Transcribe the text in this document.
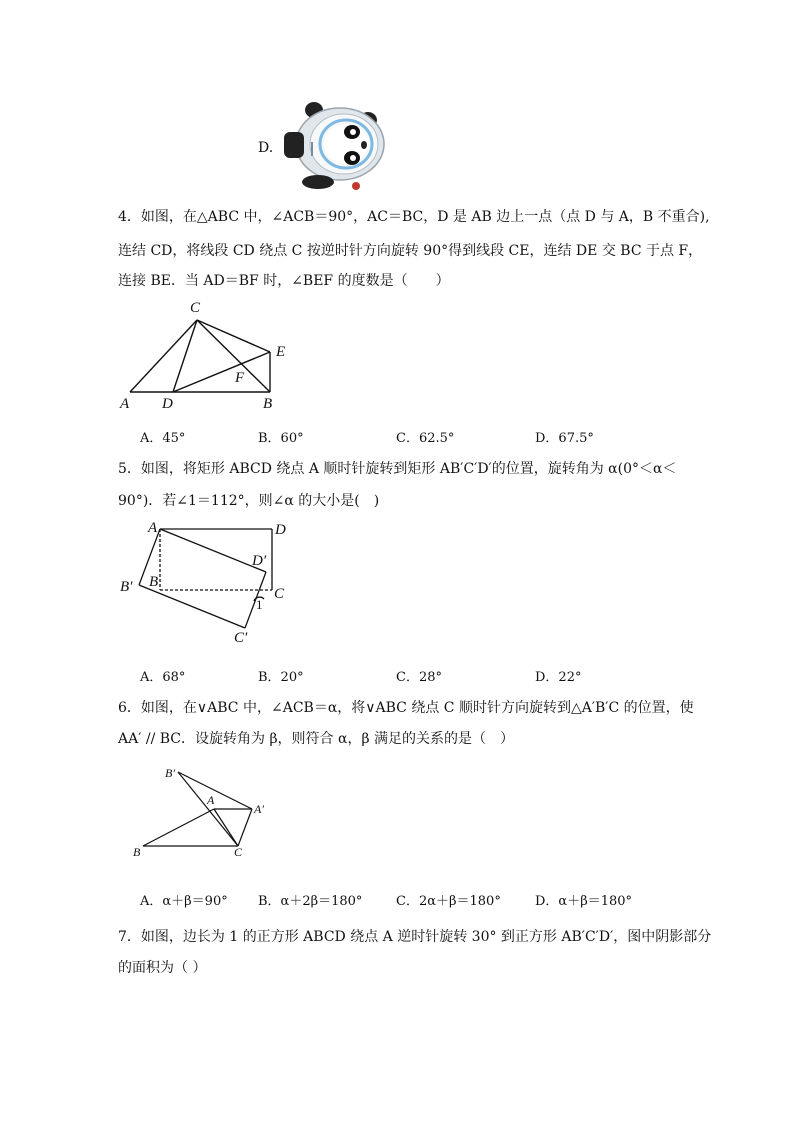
D.
4．如图，在△ABC 中，∠ACB＝90°，AC＝BC，D 是 AB 边上一点（点 D 与 A，B 不重合),
连结 CD，将线段 CD 绕点 C 按逆时针方向旋转 90°得到线段 CE，连结 DE 交 BC 于点 F，
连接 BE．当 AD＝BF 时，∠BEF 的度数是（　　）
C
E
F
A D	B
A．45°	B．60°	C．62.5°	D．67.5°
5．如图，将矩形 ABCD 绕点 A 顺时针旋转到矩形 AB′C′D′的位置，旋转角为 α(0°＜α＜
90°)．若∠1＝112°，则∠α 的大小是(　)
A	D
D′
B′ B
C
1
C′
A．68°	B．20°	C．28°	D．22°
6．如图，在∨ABC 中，∠ACB＝α，将∨ABC 绕点 C 顺时针方向旋转到△A′B′C 的位置，使
AA′ // BC．设旋转角为 β，则符合 α，β 满足的关系的是（　）
B′
A
A′
B	C
A．α＋β＝90° B．α＋2β＝180°	C．2α＋β＝180°	D．α＋β＝180°
7．如图，边长为 1 的正方形 ABCD 绕点 A 逆时针旋转 30° 到正方形 AB′C′D′，图中阴影部分
的面积为（ ）
